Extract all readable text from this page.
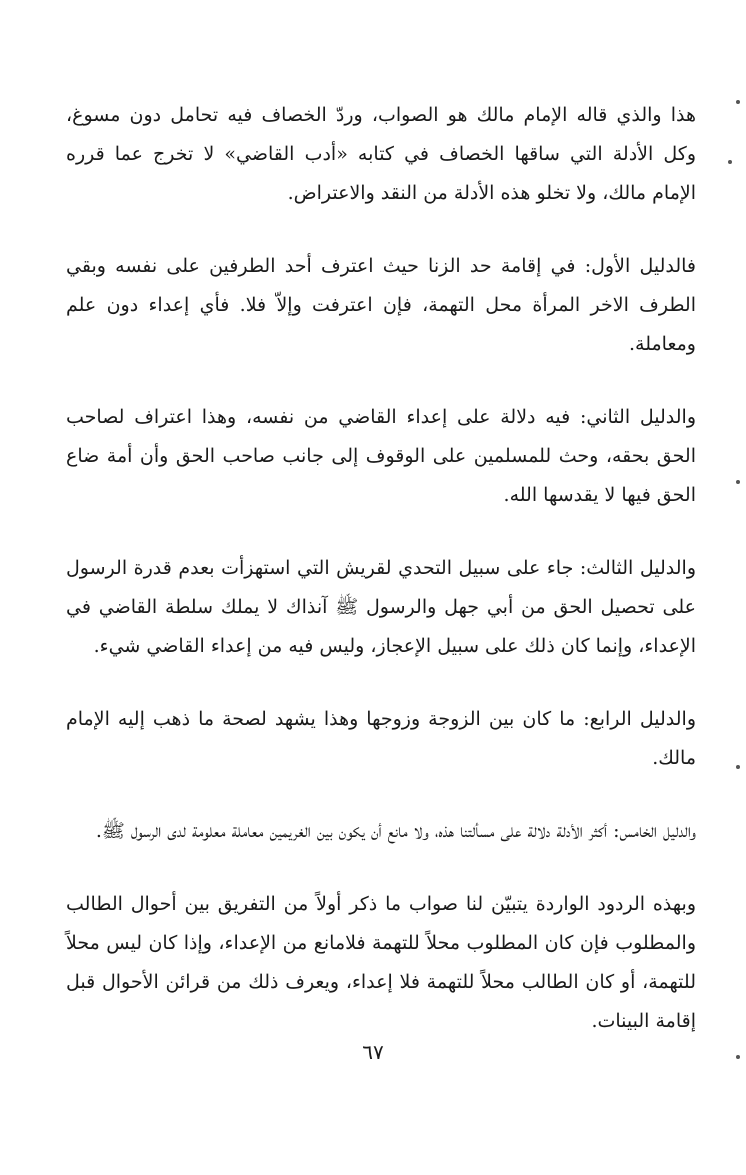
هذا والذي قاله الإمام مالك هو الصواب، وردّ الخصاف فيه تحامل دون مسوغ، وكل الأدلة التي ساقها الخصاف في كتابه «أدب القاضي» لا تخرج عما قرره الإمام مالك، ولا تخلو هذه الأدلة من النقد والاعتراض.

فالدليل الأول: في إقامة حد الزنا حيث اعترف أحد الطرفين على نفسه وبقي الطرف الاخر المرأة محل التهمة، فإن اعترفت وإلاّ فلا. فأي إعداء دون علم ومعاملة.

والدليل الثاني: فيه دلالة على إعداء القاضي من نفسه، وهذا اعتراف لصاحب الحق بحقه، وحث للمسلمين على الوقوف إلى جانب صاحب الحق وأن أمة ضاع الحق فيها لا يقدسها الله.

والدليل الثالث: جاء على سبيل التحدي لقريش التي استهزأت بعدم قدرة الرسول على تحصيل الحق من أبي جهل والرسول ﷺ آنذاك لا يملك سلطة القاضي في الإعداء، وإنما كان ذلك على سبيل الإعجاز، وليس فيه من إعداء القاضي شيء.

والدليل الرابع: ما كان بين الزوجة وزوجها وهذا يشهد لصحة ما ذهب إليه الإمام مالك.

والدليل الخامس: أكثر الأدلة دلالة على مسألتنا هذه، ولا مانع أن يكون بين الغريمين معاملة معلومة لدى الرسول ﷺ.

وبهذه الردود الواردة يتبيّن لنا صواب ما ذكر أولاً من التفريق بين أحوال الطالب والمطلوب فإن كان المطلوب محلاً للتهمة فلامانع من الإعداء، وإذا كان ليس محلاً للتهمة، أو كان الطالب محلاً للتهمة فلا إعداء، ويعرف ذلك من قرائن الأحوال قبل إقامة البينات.

٦٧
